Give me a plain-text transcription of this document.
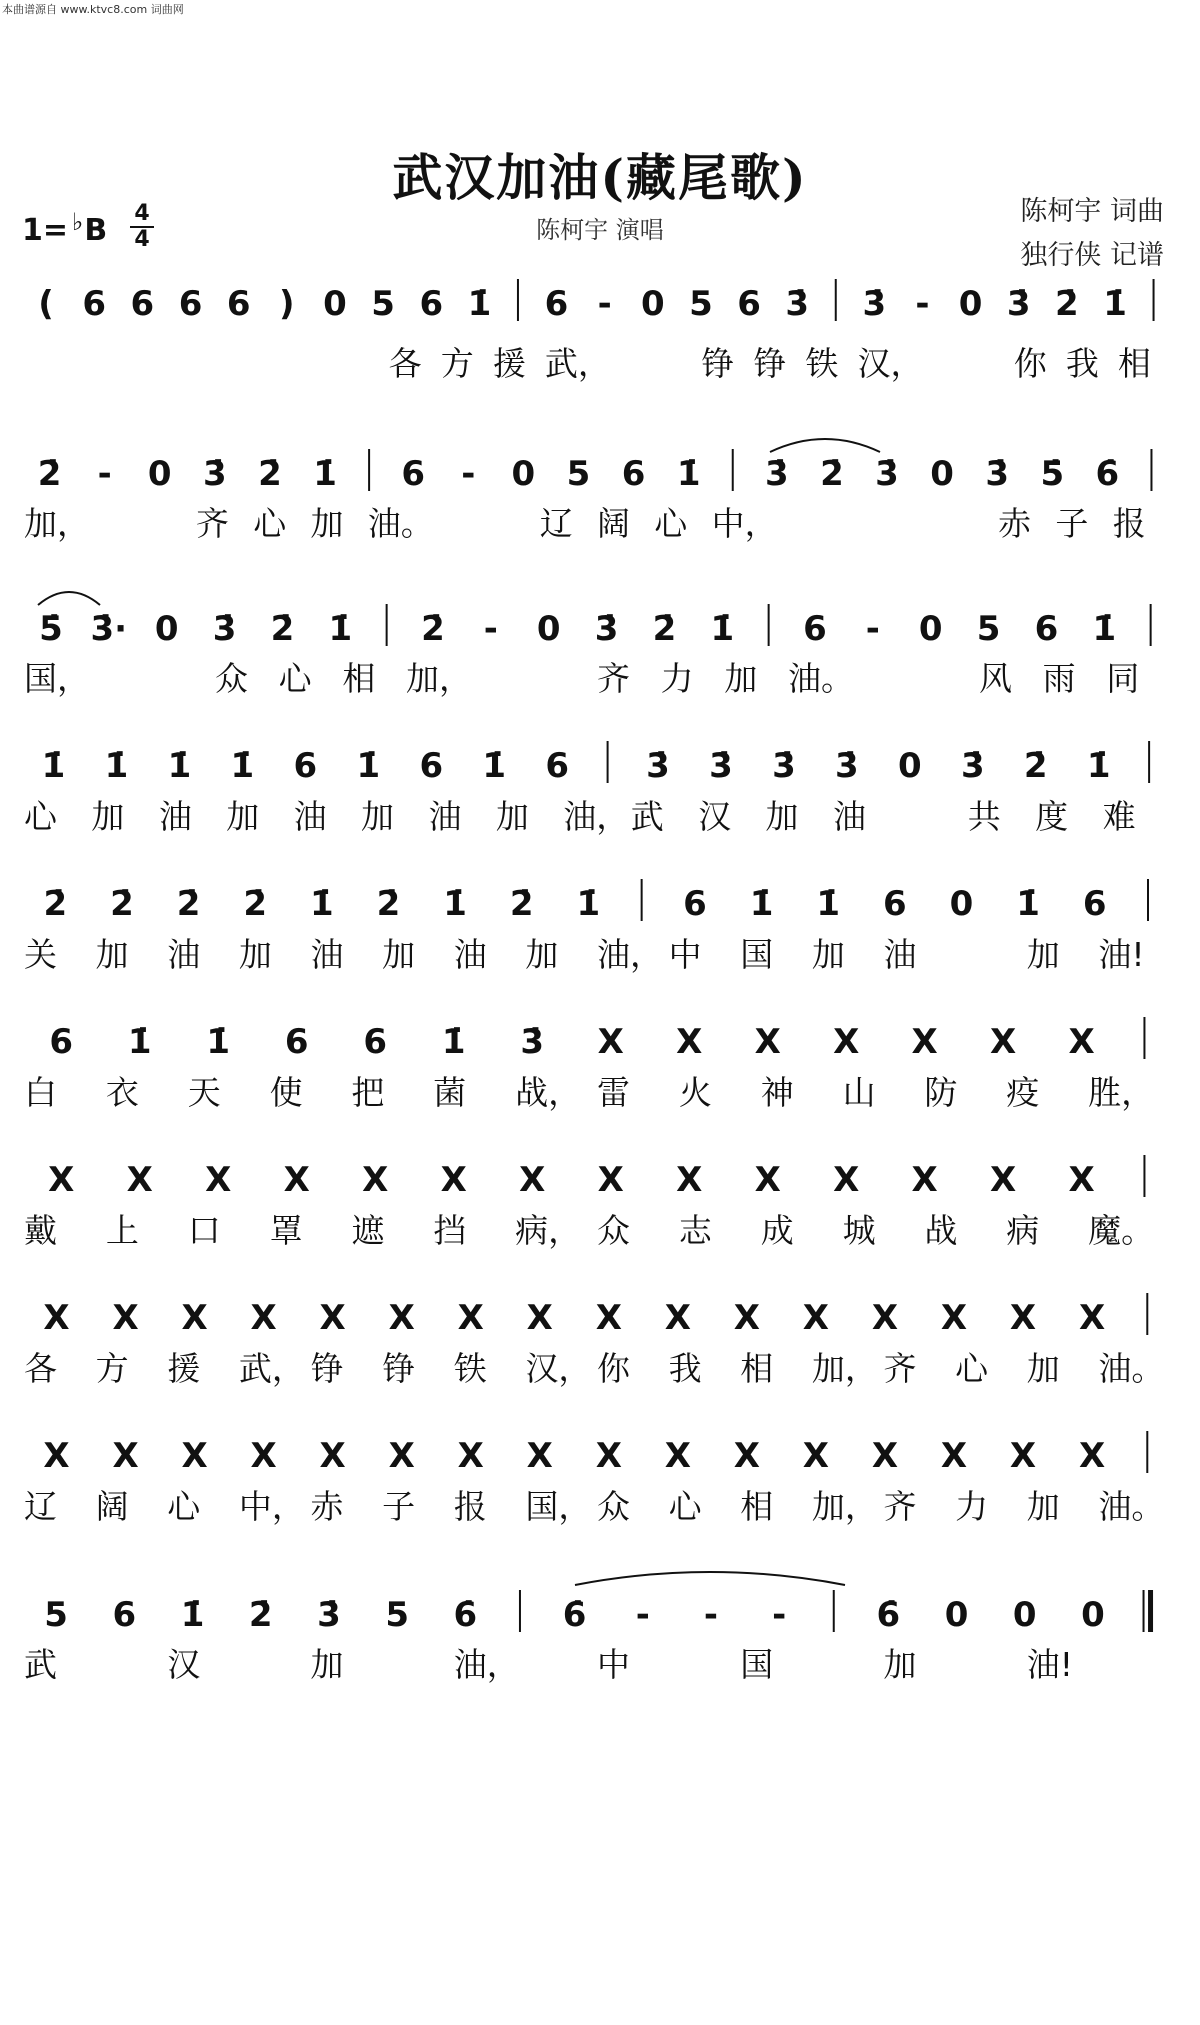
本曲谱源自 www.ktvc8.com 词曲网
武汉加油(藏尾歌)
陈柯宇 演唱
陈柯宇 词曲
独行侠 记谱
1= ♭B 4
4
( 6 6 6 6 ) 0 5 6 1̇ 6 - 0 5 6 3̇ 3̇ - 0 3̇ 2̇ 1̇
各 方 援 武，	铮 铮 铁 汉，	你 我 相
2̇ - 0 3̇ 2̇ 1̇ 6 - 0 5 6 1̇ 3̇ 2̇ 3̇ 0 3̇ 5̇ 6̇
加，	齐 心 加 油。	辽 阔 心 中，	赤 子 报
5̇ 3̇· 0 3̇ 2̇ 1̇ 2̇ - 0 3̇ 2̇ 1̇ 6 - 0 5 6 1̇
国，	众 心 相 加，	齐 力 加 油。	风 雨 同
1̇ 1̇ 1̇ 1̇ 6 1̇ 6 1̇ 6 3̇ 3̇ 3̇ 3̇ 0 3̇ 2̇ 1̇
心 加 油 加 油 加 油 加 油， 武 汉 加 油	共 度 难
2̇ 2̇ 2̇ 2̇ 1̇ 2̇ 1̇ 2̇ 1̇ 6 1̇ 1̇ 6 0 1̇ 6
关 加 油 加 油 加 油 加 油， 中 国 加 油	加 油!
6 1̇ 1̇ 6 6 1̇ 3̇ X X X X X X X
白 衣 天 使 把 菌 战， 雷 火 神 山 防 疫 胜，
X X X X X X X X X X X X X X
戴 上 口 罩 遮 挡 病， 众 志 成 城 战 病 魔。
X X X X X X X X X X X X X X X X
各 方 援 武， 铮 铮 铁 汉， 你 我 相 加， 齐 心 加 油。
X X X X X X X X X X X X X X X X
辽 阔 心 中， 赤 子 报 国， 众 心 相 加， 齐 力 加 油。
5 6 1̇ 2̇ 3̇ 5 6̇	6̇ - - -	6̇ 0 0 0
武	汉	加	油， 中	国	加	油!
